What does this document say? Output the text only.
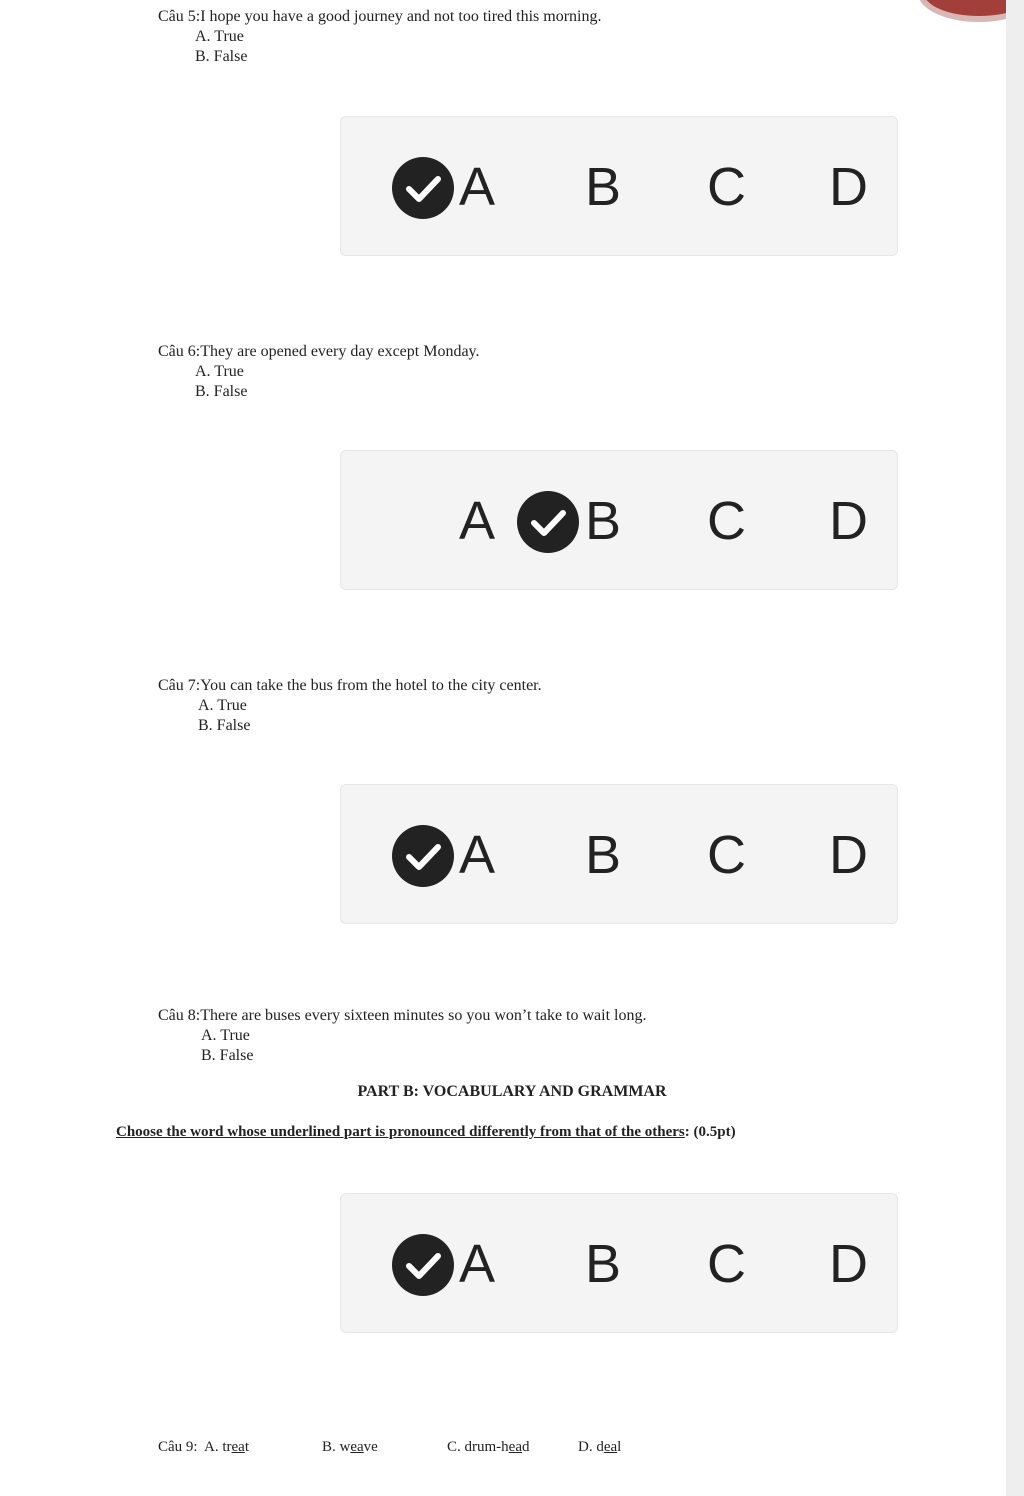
Câu 5:I hope you have a good journey and not too tired this morning.
A. True
B. False
A B C D
Câu 6:They are opened every day except Monday.
A. True
B. False
A B C D
Câu 7:You can take the bus from the hotel to the city center.
A. True
B. False
A B C D
Câu 8:There are buses every sixteen minutes so you won’t take to wait long.
A. True
B. False
PART B: VOCABULARY AND GRAMMAR
Choose the word whose underlined part is pronounced differently from that of the others: (0.5pt)
A B C D
Câu 9: A. treat	B. weave	C. drum-head	D. deal
